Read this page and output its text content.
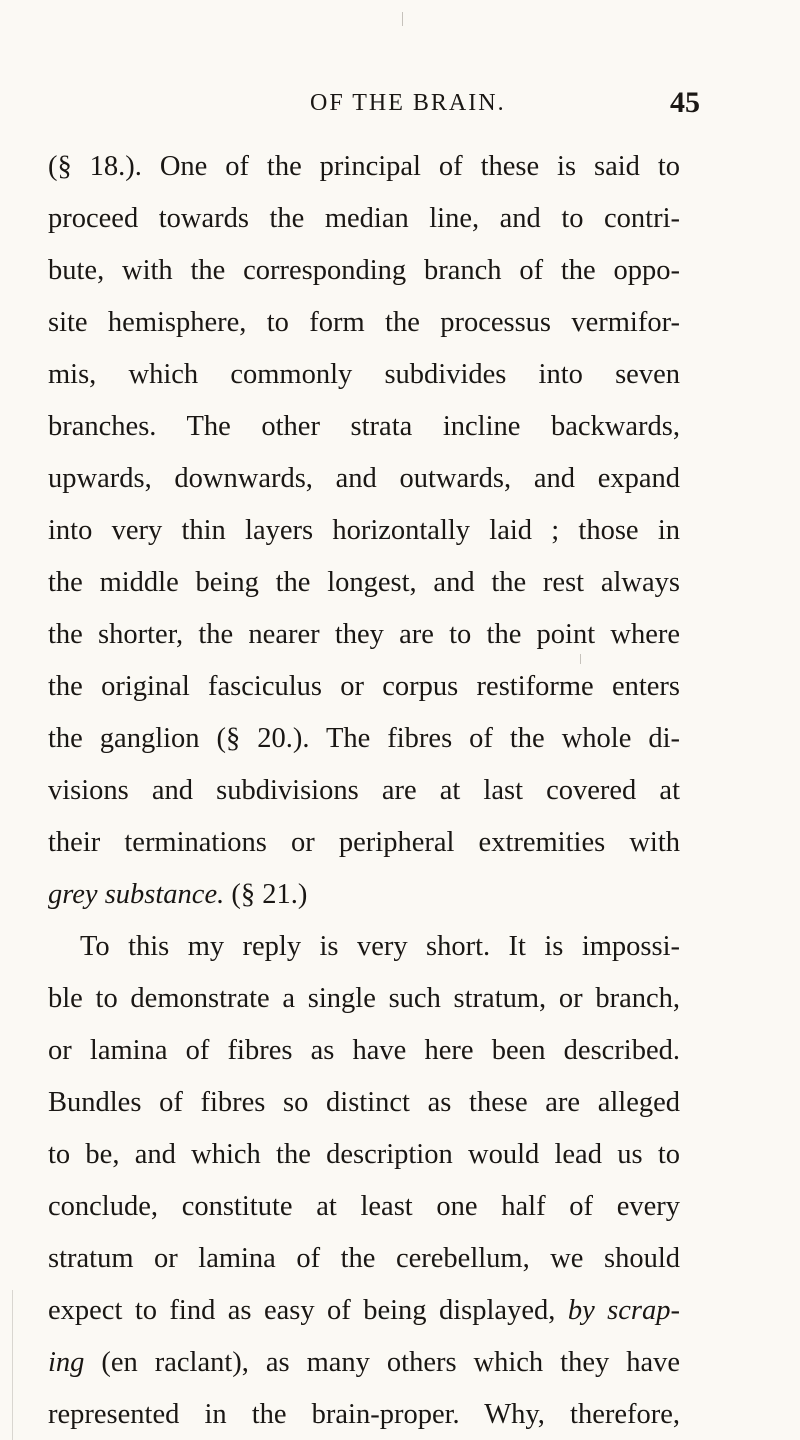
OF THE BRAIN.	45
(§ 18.). One of the principal of these is said to
proceed towards the median line, and to contri-
bute, with the corresponding branch of the oppo-
site hemisphere, to form the processus vermifor-
mis, which commonly subdivides into seven
branches. The other strata incline backwards,
upwards, downwards, and outwards, and expand
into very thin layers horizontally laid ; those in
the middle being the longest, and the rest always
the shorter, the nearer they are to the point where
the original fasciculus or corpus restiforme enters
the ganglion (§ 20.). The fibres of the whole di-
visions and subdivisions are at last covered at
their terminations or peripheral extremities with
grey substance. (§ 21.)
To this my reply is very short. It is impossi-
ble to demonstrate a single such stratum, or branch,
or lamina of fibres as have here been described.
Bundles of fibres so distinct as these are alleged
to be, and which the description would lead us to
conclude, constitute at least one half of every
stratum or lamina of the cerebellum, we should
expect to find as easy of being displayed, by scrap-
ing (en raclant), as many others which they have
represented in the brain-proper. Why, therefore,
